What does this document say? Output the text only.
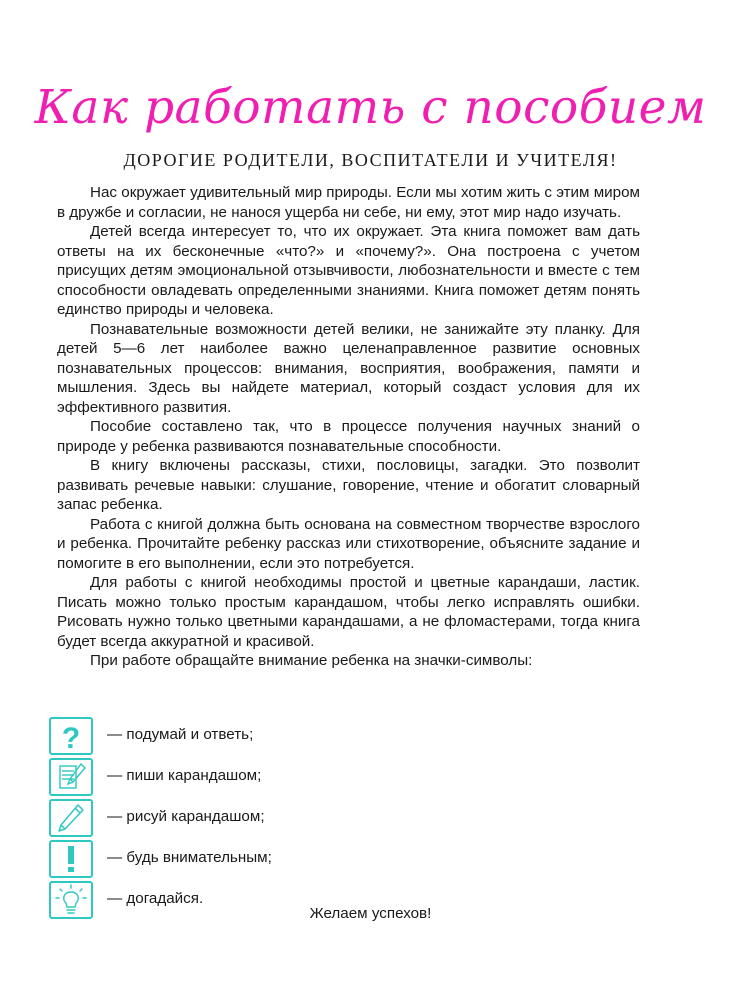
Как работать с пособием
ДОРОГИЕ РОДИТЕЛИ, ВОСПИТАТЕЛИ И УЧИТЕЛЯ!

Нас окружает удивительный мир природы. Если мы хотим жить с этим миром в дружбе и согласии, не нанося ущерба ни себе, ни ему, этот мир надо изучать.

Детей всегда интересует то, что их окружает. Эта книга поможет вам дать ответы на их бесконечные «что?» и «почему?». Она построена с учетом присущих детям эмоциональной отзывчивости, любознательности и вместе с тем способности овладевать определенными знаниями. Книга поможет детям понять единство природы и человека.

Познавательные возможности детей велики, не занижайте эту планку. Для детей 5—6 лет наиболее важно целенаправленное развитие основных познавательных процессов: внимания, восприятия, воображения, памяти и мышления. Здесь вы найдете материал, который создаст условия для их эффективного развития.

Пособие составлено так, что в процессе получения научных знаний о природе у ребенка развиваются познавательные способности.

В книгу включены рассказы, стихи, пословицы, загадки. Это позволит развивать речевые навыки: слушание, говорение, чтение и обогатит словарный запас ребенка.

Работа с книгой должна быть основана на совместном творчестве взрослого и ребенка. Прочитайте ребенку рассказ или стихотворение, объясните задание и помогите в его выполнении, если это потребуется.

Для работы с книгой необходимы простой и цветные карандаши, ластик. Писать можно только простым карандашом, чтобы легко исправлять ошибки. Рисовать нужно только цветными карандашами, а не фломастерами, тогда книга будет всегда аккуратной и красивой.

При работе обращайте внимание ребенка на значки-символы:

? — подумай и ответь;
— пиши карандашом;
— рисуй карандашом;
— будь внимательным;
— догадайся.
Желаем успехов!
